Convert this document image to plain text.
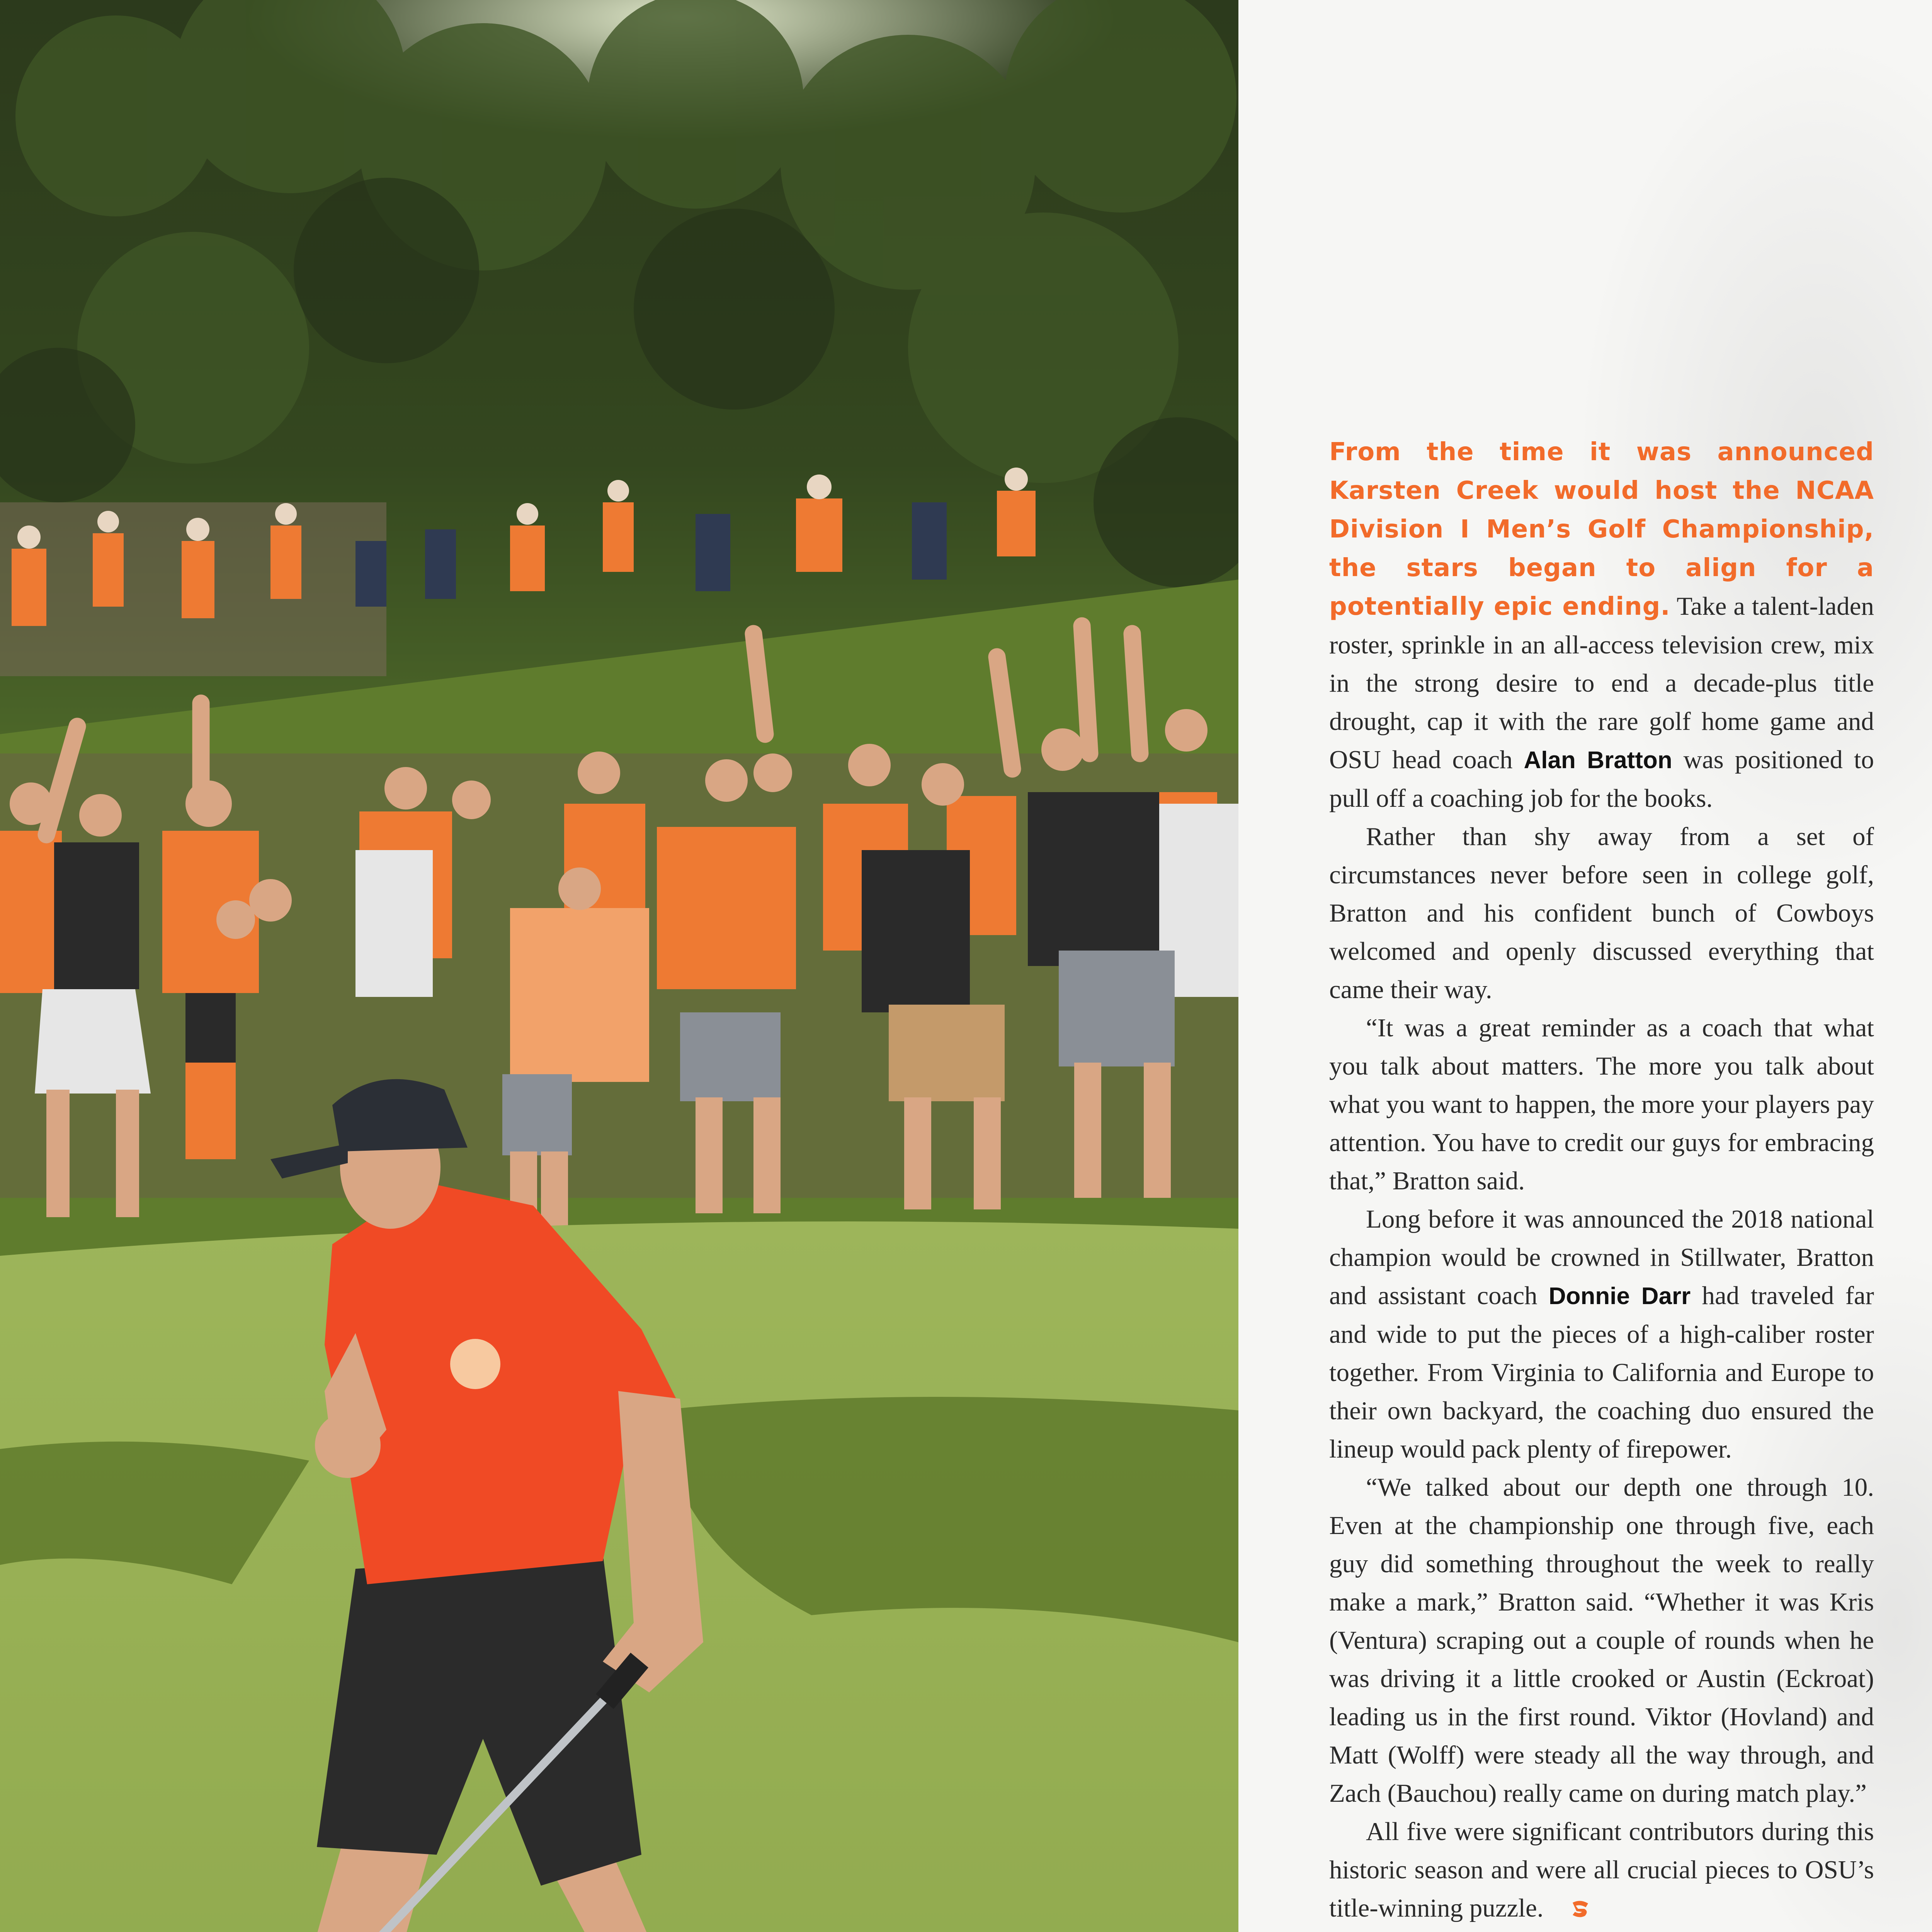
From the time it was announced Karsten Creek would host the NCAA Division I Men’s Golf Championship, the stars began to align for a potentially epic ending. Take a talent-laden roster, sprinkle in an all-access television crew, mix in the strong desire to end a decade-plus title drought, cap it with the rare golf home game and OSU head coach Alan Bratton was positioned to pull off a coaching job for the books.

Rather than shy away from a set of circumstances never before seen in college golf, Bratton and his confident bunch of Cowboys welcomed and openly discussed everything that came their way.

“It was a great reminder as a coach that what you talk about matters. The more you talk about what you want to happen, the more your players pay attention. You have to credit our guys for embracing that,” Bratton said.

Long before it was announced the 2018 national champion would be crowned in Stillwater, Bratton and assistant coach Donnie Darr had traveled far and wide to put the pieces of a high-caliber roster together. From Virginia to California and Europe to their own backyard, the coaching duo ensured the lineup would pack plenty of firepower.

“We talked about our depth one through 10. Even at the championship one through five, each guy did something throughout the week to really make a mark,” Bratton said. “Whether it was Kris (Ventura) scraping out a couple of rounds when he was driving it a little crooked or Austin (Eckroat) leading us in the first round. Viktor (Hovland) and Matt (Wolff) were steady all the way through, and Zach (Bauchou) really came on during match play.”

All five were significant contributors during this historic season and were all crucial pieces to OSU’s title-winning puzzle.
